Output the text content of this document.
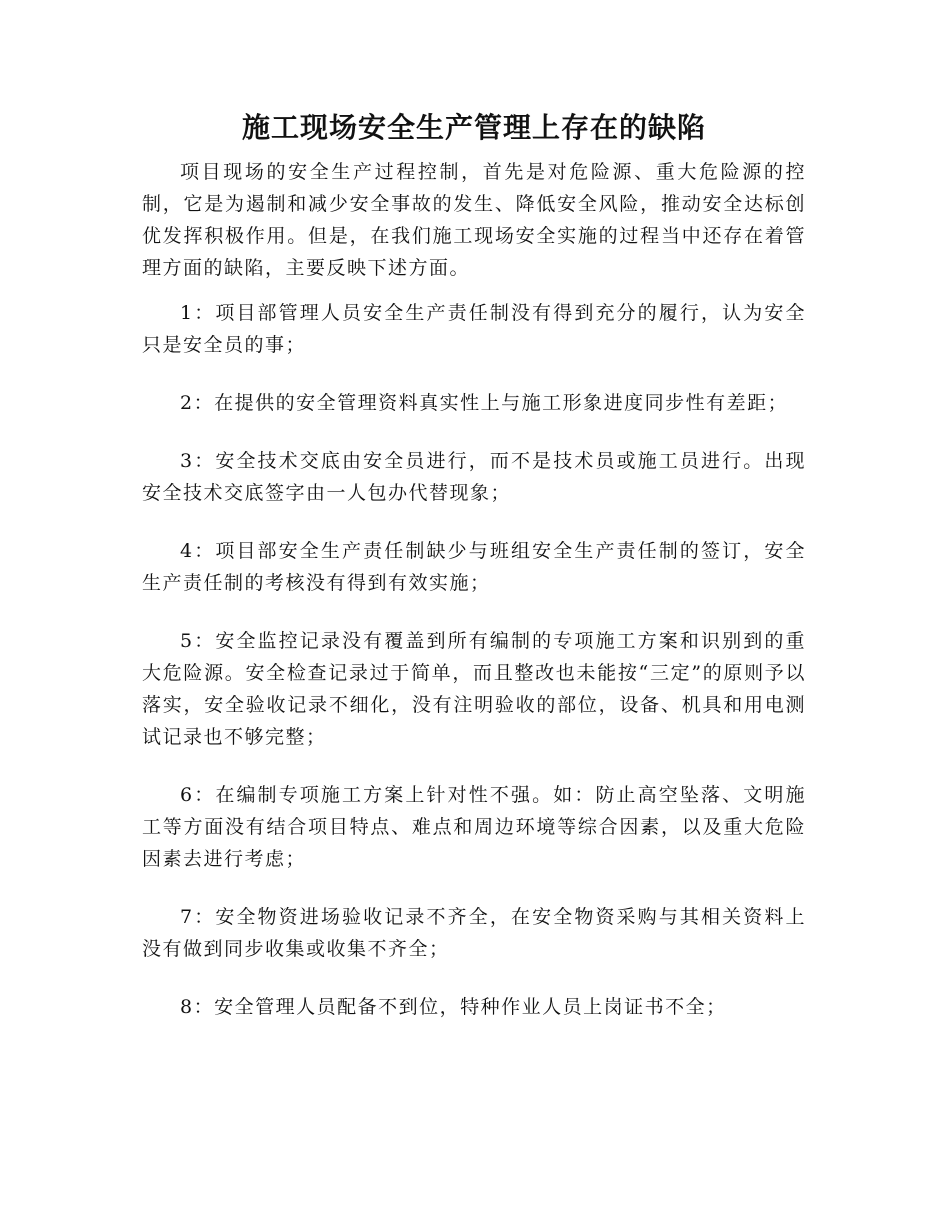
施工现场安全生产管理上存在的缺陷

项目现场的安全生产过程控制，首先是对危险源、重大危险源的控制，它是为遏制和减少安全事故的发生、降低安全风险，推动安全达标创优发挥积极作用。但是，在我们施工现场安全实施的过程当中还存在着管理方面的缺陷，主要反映下述方面。

1：项目部管理人员安全生产责任制没有得到充分的履行，认为安全只是安全员的事；

2：在提供的安全管理资料真实性上与施工形象进度同步性有差距；

3：安全技术交底由安全员进行，而不是技术员或施工员进行。出现安全技术交底签字由一人包办代替现象；

4：项目部安全生产责任制缺少与班组安全生产责任制的签订，安全生产责任制的考核没有得到有效实施；

5：安全监控记录没有覆盖到所有编制的专项施工方案和识别到的重大危险源。安全检查记录过于简单，而且整改也未能按“三定”的原则予以落实，安全验收记录不细化，没有注明验收的部位，设备、机具和用电测试记录也不够完整；

6：在编制专项施工方案上针对性不强。如：防止高空坠落、文明施工等方面没有结合项目特点、难点和周边环境等综合因素，以及重大危险因素去进行考虑；

7：安全物资进场验收记录不齐全，在安全物资采购与其相关资料上没有做到同步收集或收集不齐全；

8：安全管理人员配备不到位，特种作业人员上岗证书不全；
